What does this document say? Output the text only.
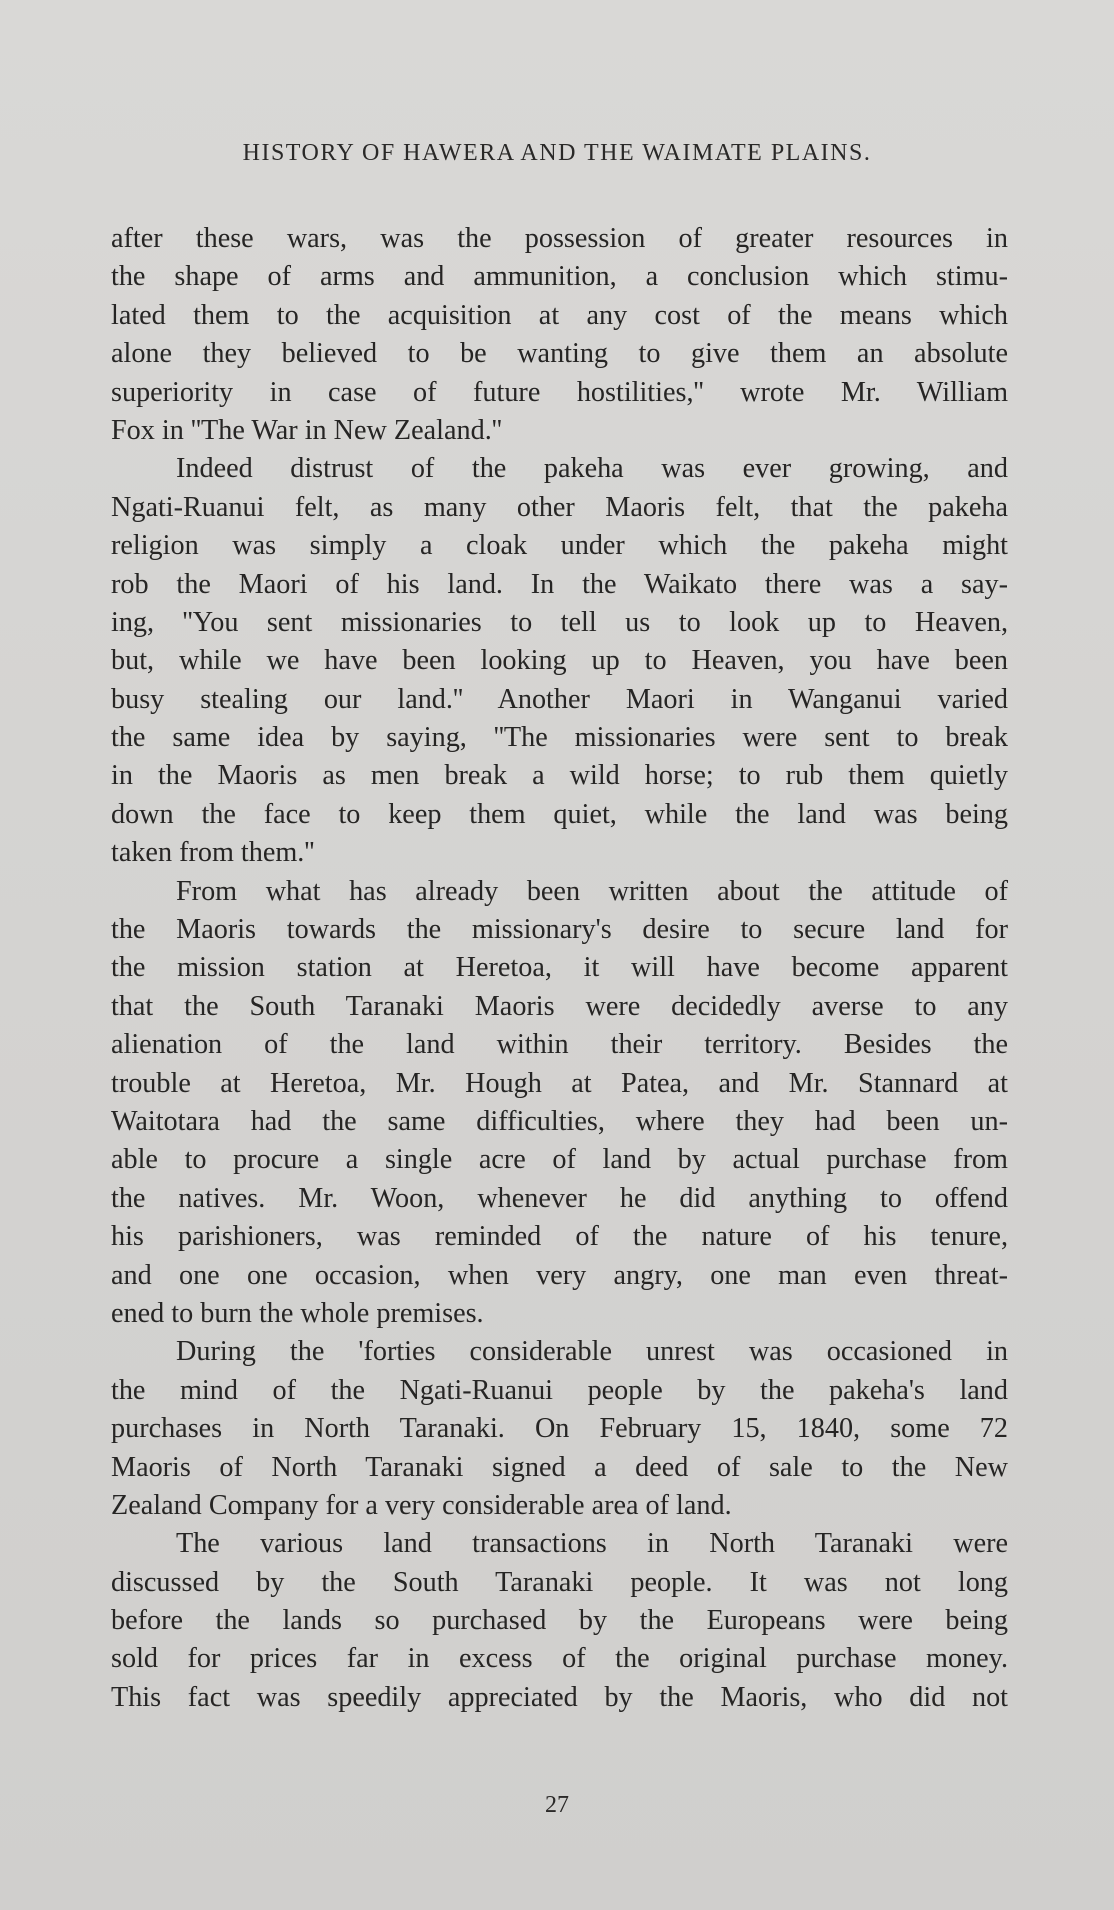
HISTORY OF HAWERA AND THE WAIMATE PLAINS.
after these wars, was the possession of greater resources in
the shape of arms and ammunition, a conclusion which stimu-
lated them to the acquisition at any cost of the means which
alone they believed to be wanting to give them an absolute
superiority in case of future hostilities,'' wrote Mr. William
Fox in ''The War in New Zealand.''
Indeed distrust of the pakeha was ever growing, and
Ngati-Ruanui felt, as many other Maoris felt, that the pakeha
religion was simply a cloak under which the pakeha might
rob the Maori of his land. In the Waikato there was a say-
ing, ''You sent missionaries to tell us to look up to Heaven,
but, while we have been looking up to Heaven, you have been
busy stealing our land.'' Another Maori in Wanganui varied
the same idea by saying, ''The missionaries were sent to break
in the Maoris as men break a wild horse; to rub them quietly
down the face to keep them quiet, while the land was being
taken from them.''
From what has already been written about the attitude of
the Maoris towards the missionary's desire to secure land for
the mission station at Heretoa, it will have become apparent
that the South Taranaki Maoris were decidedly averse to any
alienation of the land within their territory. Besides the
trouble at Heretoa, Mr. Hough at Patea, and Mr. Stannard at
Waitotara had the same difficulties, where they had been un-
able to procure a single acre of land by actual purchase from
the natives. Mr. Woon, whenever he did anything to offend
his parishioners, was reminded of the nature of his tenure,
and one one occasion, when very angry, one man even threat-
ened to burn the whole premises.
During the 'forties considerable unrest was occasioned in
the mind of the Ngati-Ruanui people by the pakeha's land
purchases in North Taranaki. On February 15, 1840, some 72
Maoris of North Taranaki signed a deed of sale to the New
Zealand Company for a very considerable area of land.
The various land transactions in North Taranaki were
discussed by the South Taranaki people. It was not long
before the lands so purchased by the Europeans were being
sold for prices far in excess of the original purchase money.
This fact was speedily appreciated by the Maoris, who did not
27
